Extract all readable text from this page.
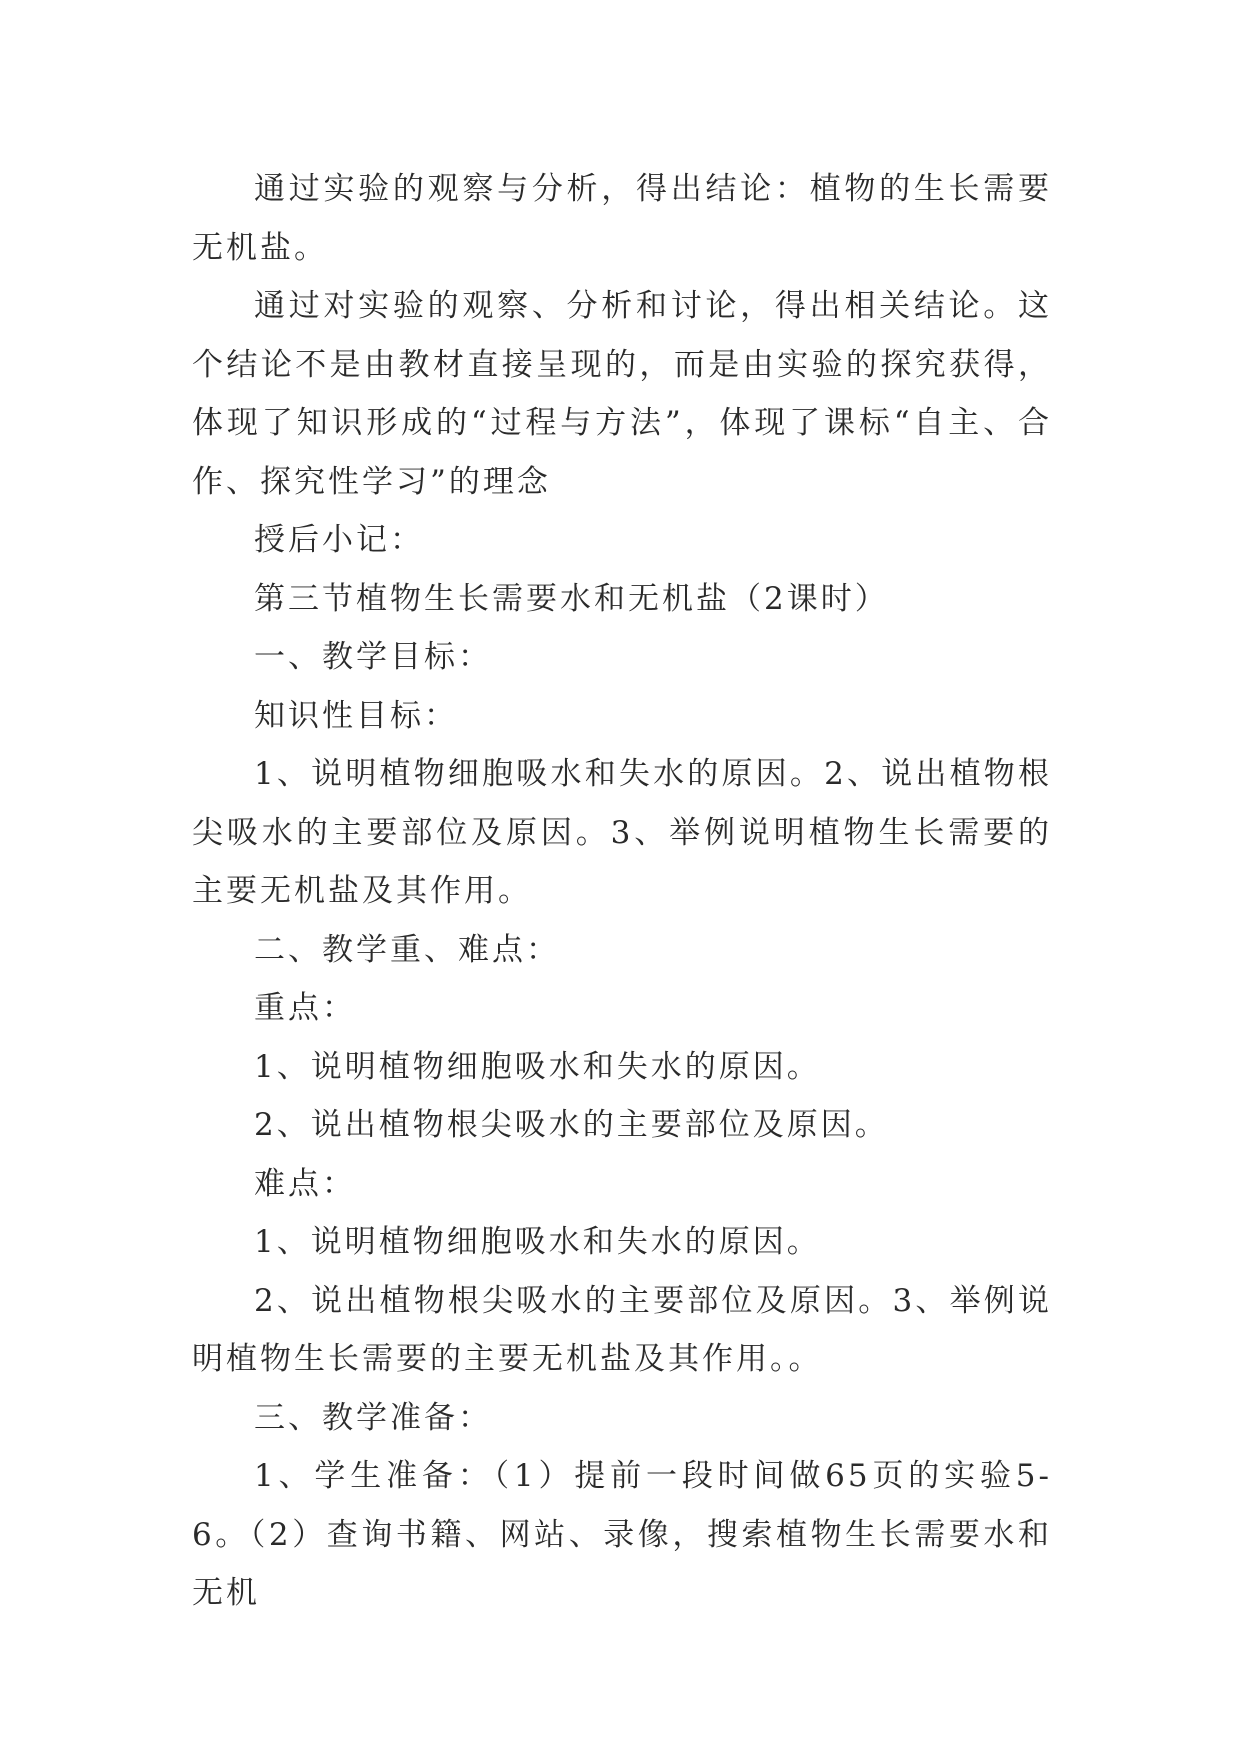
通过实验的观察与分析，得出结论：植物的生长需要无机盐。

通过对实验的观察、分析和讨论，得出相关结论。这个结论不是由教材直接呈现的，而是由实验的探究获得，体现了知识形成的“过程与方法”，体现了课标“自主、合作、探究性学习”的理念

授后小记：

第三节植物生长需要水和无机盐（2课时）

一、教学目标：

知识性目标：

1、说明植物细胞吸水和失水的原因。2、说出植物根尖吸水的主要部位及原因。3、举例说明植物生长需要的主要无机盐及其作用。

二、教学重、难点：

重点：

1、说明植物细胞吸水和失水的原因。

2、说出植物根尖吸水的主要部位及原因。

难点：

1、说明植物细胞吸水和失水的原因。

2、说出植物根尖吸水的主要部位及原因。3、举例说明植物生长需要的主要无机盐及其作用。。

三、教学准备：

1、学生准备：（1）提前一段时间做65页的实验5-6。（2）查询书籍、网站、录像，搜索植物生长需要水和无机
